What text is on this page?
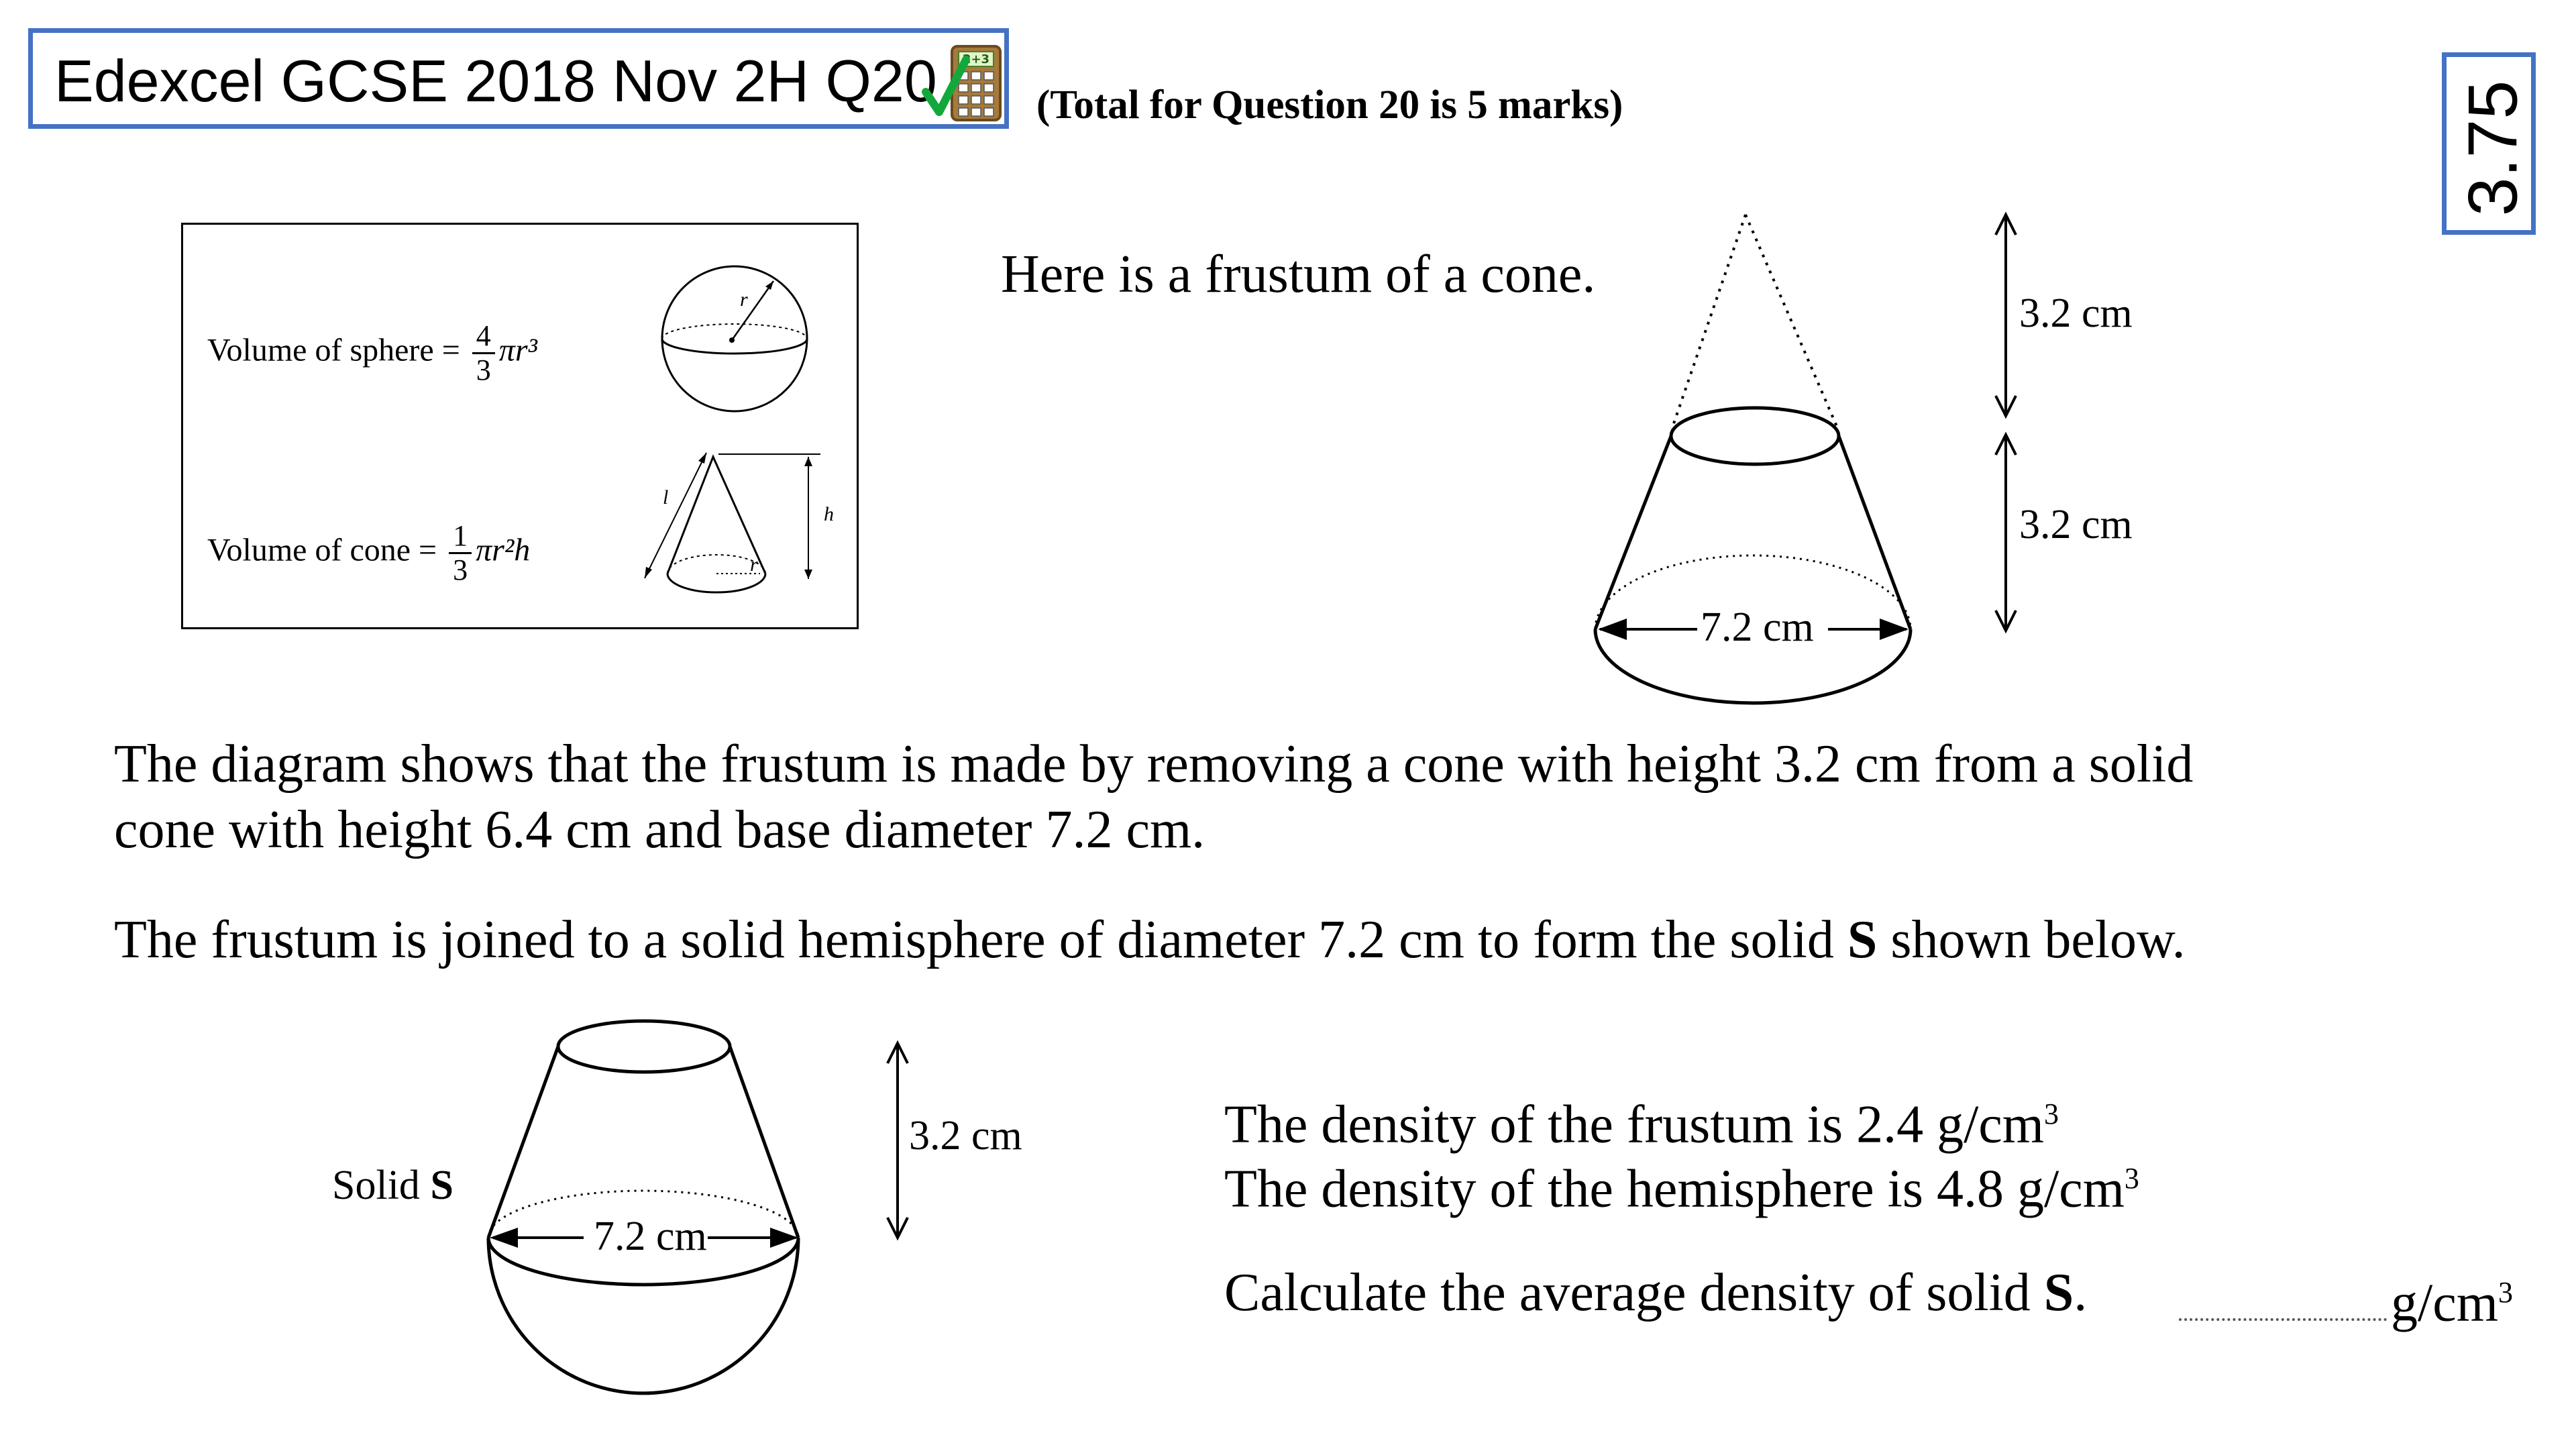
Edexcel GCSE 2018 Nov 2H Q20 2+3
(Total for Question 20 is 5 marks)	3.75
Volume of sphere = $\frac{4}{3} \pi r^3$
Volume of cone = $\frac{1}{3} \pi r^2h$
r
l
h
r
Here is a frustum of a cone.
3.2 cm
3.2 cm
7.2 cm
The diagram shows that the frustum is made by removing a cone with height 3.2 cm from a solid cone with height 6.4 cm and base diameter 7.2 cm.
The frustum is joined to a solid hemisphere of diameter 7.2 cm to form the solid S shown below.
Solid S
3.2 cm
7.2 cm
The density of the frustum is 2.4 $g/cm^3$
The density of the hemisphere is 4.8 $g/cm^3$
Calculate the average density of solid S.	$g/cm^3$
